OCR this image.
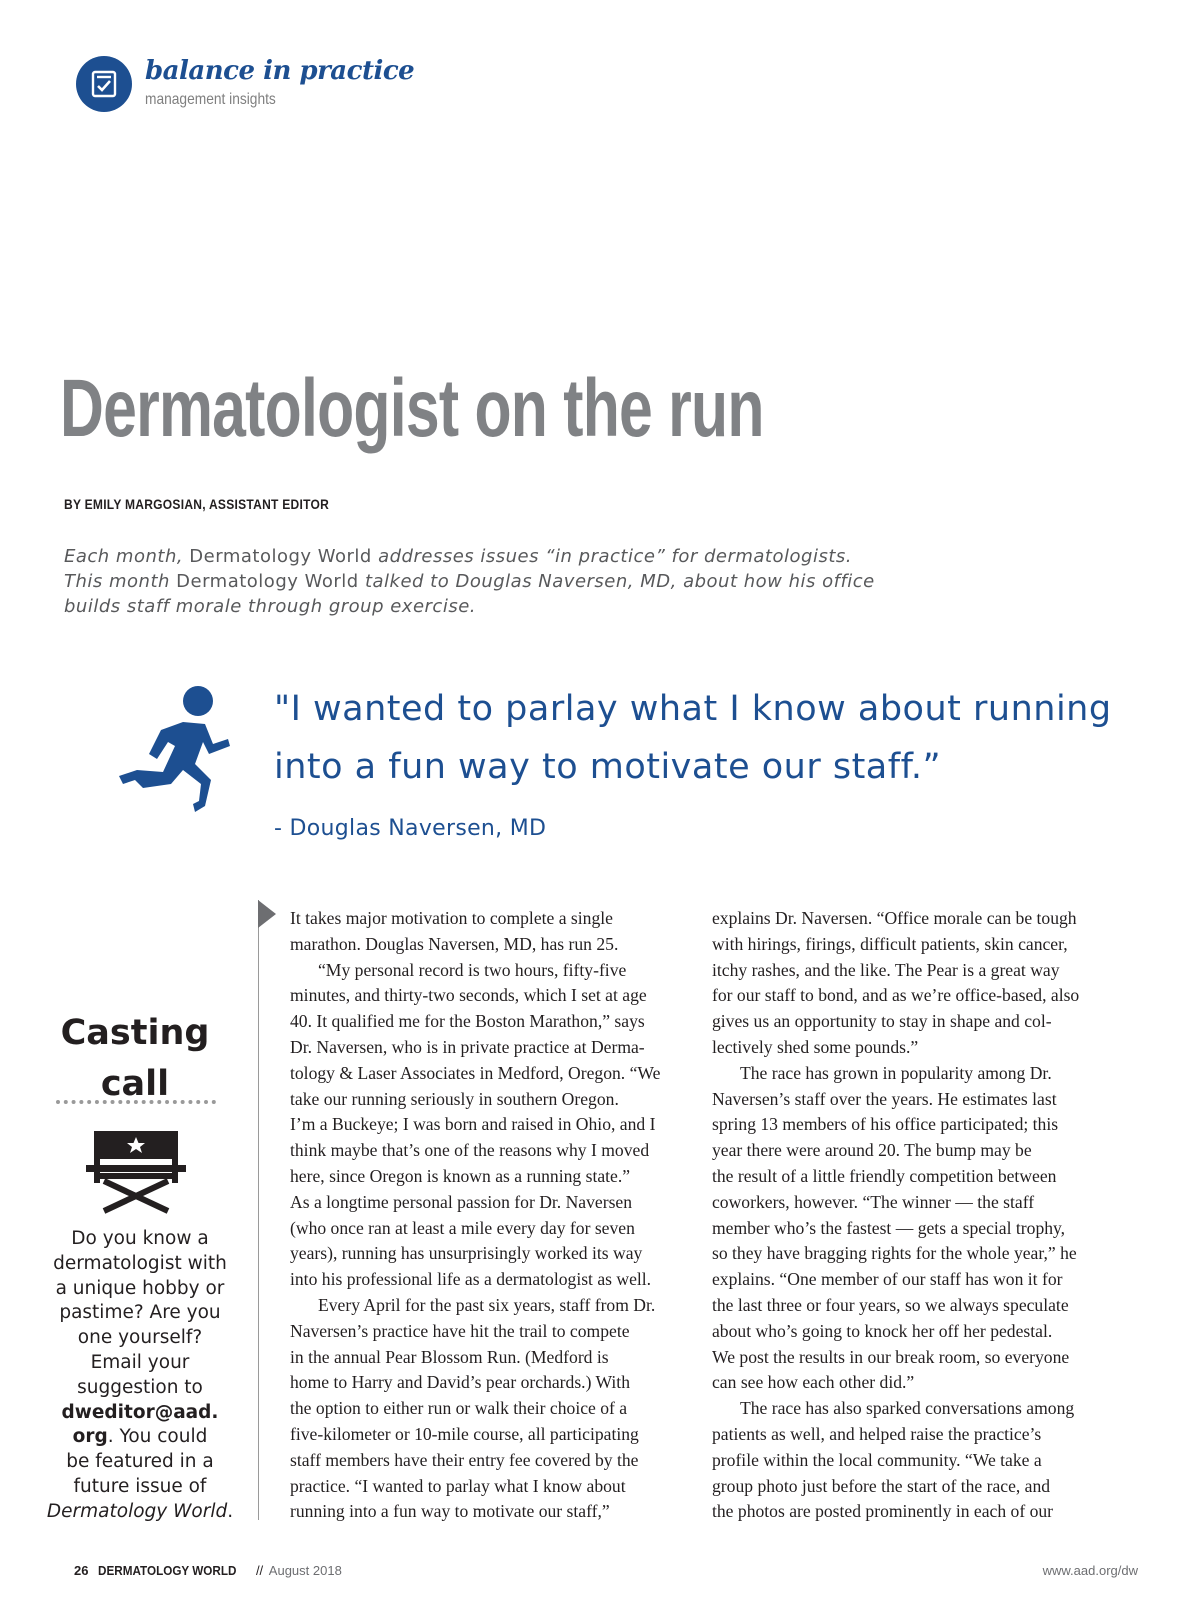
balance in practice
management insights
Dermatologist on the run
BY EMILY MARGOSIAN, ASSISTANT EDITOR
Each month, Dermatology World addresses issues “in practice” for dermatologists.
This month Dermatology World talked to Douglas Naversen, MD, about how his office
builds staff morale through group exercise.
"I wanted to parlay what I know about running
into a fun way to motivate our staff.”
- Douglas Naversen, MD
Casting
call
Do you know a
dermatologist with
a unique hobby or
pastime? Are you
one yourself?
Email your
suggestion to
dweditor@aad.
org. You could
be featured in a
future issue of
Dermatology World.
It takes major motivation to complete a single
marathon. Douglas Naversen, MD, has run 25.
“My personal record is two hours, fifty-five
minutes, and thirty-two seconds, which I set at age
40. It qualified me for the Boston Marathon,” says
Dr. Naversen, who is in private practice at Derma-
tology & Laser Associates in Medford, Oregon. “We
take our running seriously in southern Oregon.
I’m a Buckeye; I was born and raised in Ohio, and I
think maybe that’s one of the reasons why I moved
here, since Oregon is known as a running state.”
As a longtime personal passion for Dr. Naversen
(who once ran at least a mile every day for seven
years), running has unsurprisingly worked its way
into his professional life as a dermatologist as well.
Every April for the past six years, staff from Dr.
Naversen’s practice have hit the trail to compete
in the annual Pear Blossom Run. (Medford is
home to Harry and David’s pear orchards.) With
the option to either run or walk their choice of a
five-kilometer or 10-mile course, all participating
staff members have their entry fee covered by the
practice. “I wanted to parlay what I know about
running into a fun way to motivate our staff,”
explains Dr. Naversen. “Office morale can be tough
with hirings, firings, difficult patients, skin cancer,
itchy rashes, and the like. The Pear is a great way
for our staff to bond, and as we’re office-based, also
gives us an opportunity to stay in shape and col-
lectively shed some pounds.”
The race has grown in popularity among Dr.
Naversen’s staff over the years. He estimates last
spring 13 members of his office participated; this
year there were around 20. The bump may be
the result of a little friendly competition between
coworkers, however. “The winner — the staff
member who’s the fastest — gets a special trophy,
so they have bragging rights for the whole year,” he
explains. “One member of our staff has won it for
the last three or four years, so we always speculate
about who’s going to knock her off her pedestal.
We post the results in our break room, so everyone
can see how each other did.”
The race has also sparked conversations among
patients as well, and helped raise the practice’s
profile within the local community. “We take a
group photo just before the start of the race, and
the photos are posted prominently in each of our
26 DERMATOLOGY WORLD // August 2018	www.aad.org/dw
